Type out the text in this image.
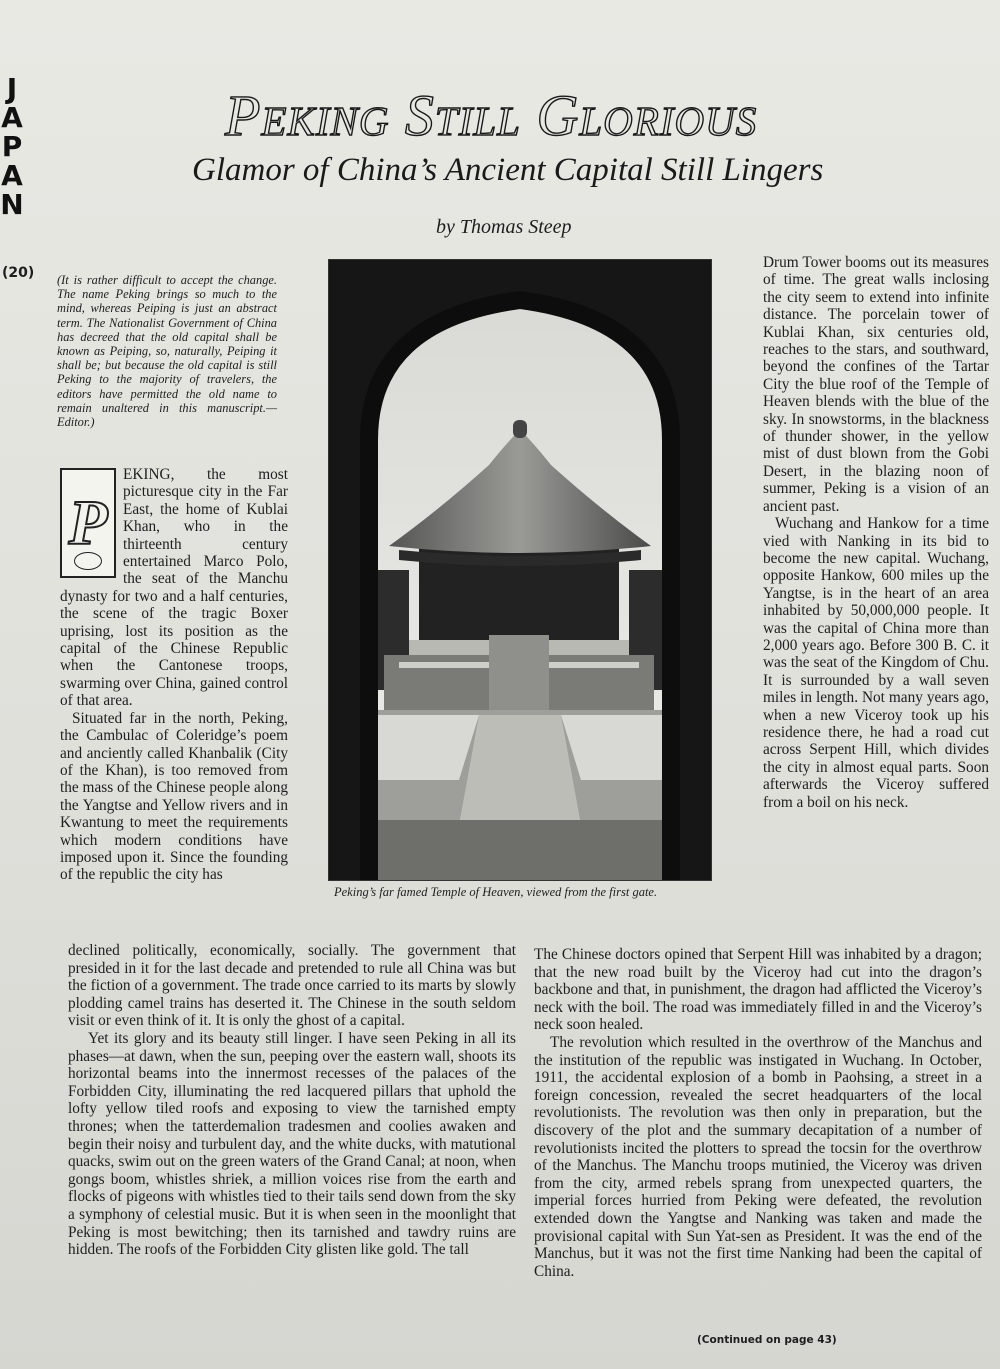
J
A
P
A
N
(20)
Peking Still Glorious
Glamor of China’s Ancient Capital Still Lingers
by Thomas Steep
(It is rather difficult to accept the change. The name Peking brings so much to the mind, whereas Peiping is just an abstract term. The Nationalist Government of China has decreed that the old capital shall be known as Peiping, so, naturally, Peiping it shall be; but because the old capital is still Peking to the majority of travelers, the editors have permitted the old name to remain unaltered in this manuscript.—Editor.)

P
EKING, the most picturesque city in the Far East, the home of Kublai Khan, who in the thirteenth century entertained Marco Polo, the seat of the Manchu dynasty for two and a half centuries, the scene of the tragic Boxer uprising, lost its position as the capital of the Chinese Republic when the Cantonese troops, swarming over China, gained control of that area.

Situated far in the north, Peking, the Cambulac of Coleridge’s poem and anciently called Khanbalik (City of the Khan), is too removed from the mass of the Chinese people along the Yangtse and Yellow rivers and in Kwantung to meet the requirements which modern conditions have imposed upon it. Since the founding of the republic the city has

Peking’s far famed Temple of Heaven, viewed from the first gate.

Drum Tower booms out its measures of time. The great walls inclosing the city seem to extend into infinite distance. The porcelain tower of Kublai Khan, six centuries old, reaches to the stars, and southward, beyond the confines of the Tartar City the blue roof of the Temple of Heaven blends with the blue of the sky. In snowstorms, in the blackness of thunder shower, in the yellow mist of dust blown from the Gobi Desert, in the blazing noon of summer, Peking is a vision of an ancient past.

Wuchang and Hankow for a time vied with Nanking in its bid to become the new capital. Wuchang, opposite Hankow, 600 miles up the Yangtse, is in the heart of an area inhabited by 50,000,000 people. It was the capital of China more than 2,000 years ago. Before 300 B. C. it was the seat of the Kingdom of Chu. It is surrounded by a wall seven miles in length. Not many years ago, when a new Viceroy took up his residence there, he had a road cut across Serpent Hill, which divides the city in almost equal parts. Soon afterwards the Viceroy suffered from a boil on his neck.

declined politically, economically, socially. The government that presided in it for the last decade and pretended to rule all China was but the fiction of a government. The trade once carried to its marts by slowly plodding camel trains has deserted it. The Chinese in the south seldom visit or even think of it. It is only the ghost of a capital.

Yet its glory and its beauty still linger. I have seen Peking in all its phases—at dawn, when the sun, peeping over the eastern wall, shoots its horizontal beams into the innermost recesses of the palaces of the Forbidden City, illuminating the red lacquered pillars that uphold the lofty yellow tiled roofs and exposing to view the tarnished empty thrones; when the tatterdemalion tradesmen and coolies awaken and begin their noisy and turbulent day, and the white ducks, with matutional quacks, swim out on the green waters of the Grand Canal; at noon, when gongs boom, whistles shriek, a million voices rise from the earth and flocks of pigeons with whistles tied to their tails send down from the sky a symphony of celestial music. But it is when seen in the moonlight that Peking is most bewitching; then its tarnished and tawdry ruins are hidden. The roofs of the Forbidden City glisten like gold. The tall

The Chinese doctors opined that Serpent Hill was inhabited by a dragon; that the new road built by the Viceroy had cut into the dragon’s backbone and that, in punishment, the dragon had afflicted the Viceroy’s neck with the boil. The road was immediately filled in and the Viceroy’s neck soon healed.

The revolution which resulted in the overthrow of the Manchus and the institution of the republic was instigated in Wuchang. In October, 1911, the accidental explosion of a bomb in Paohsing, a street in a foreign concession, revealed the secret headquarters of the local revolutionists. The revolution was then only in preparation, but the discovery of the plot and the summary decapitation of a number of revolutionists incited the plotters to spread the tocsin for the overthrow of the Manchus. The Manchu troops mutinied, the Viceroy was driven from the city, armed rebels sprang from unexpected quarters, the imperial forces hurried from Peking were defeated, the revolution extended down the Yangtse and Nanking was taken and made the provisional capital with Sun Yat-sen as President. It was the end of the Manchus, but it was not the first time Nanking had been the capital of China.

(Continued on page 43)
